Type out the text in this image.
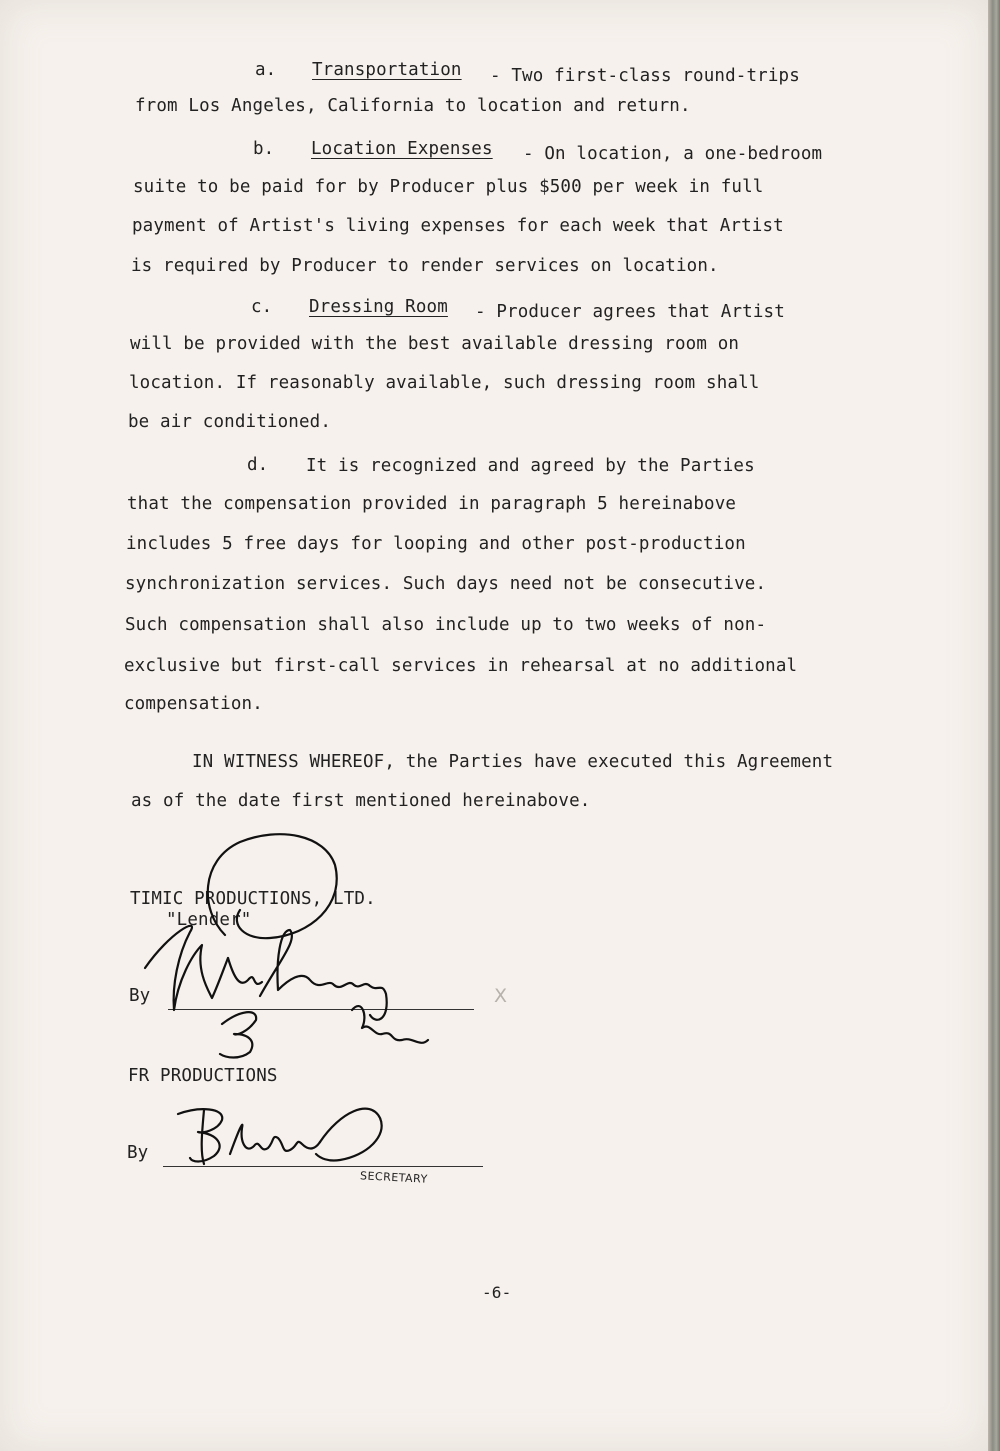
a. Transportation - Two first-class round-trips

from Los Angeles, California to location and return.

b. Location Expenses - On location, a one-bedroom

suite to be paid for by Producer plus $500 per week in full

payment of Artist's living expenses for each week that Artist

is required by Producer to render services on location.

c. Dressing Room - Producer agrees that Artist

will be provided with the best available dressing room on

location. If reasonably available, such dressing room shall

be air conditioned.

d. It is recognized and agreed by the Parties

that the compensation provided in paragraph 5 hereinabove

includes 5 free days for looping and other post-production

synchronization services. Such days need not be consecutive.

Such compensation shall also include up to two weeks of non-

exclusive but first-call services in rehearsal at no additional

compensation.

IN WITNESS WHEREOF, the Parties have executed this Agreement

as of the date first mentioned hereinabove.

TIMIC PRODUCTIONS, LTD.

"Lender"

By	X

FR PRODUCTIONS

By

SECRETARY

-6-
